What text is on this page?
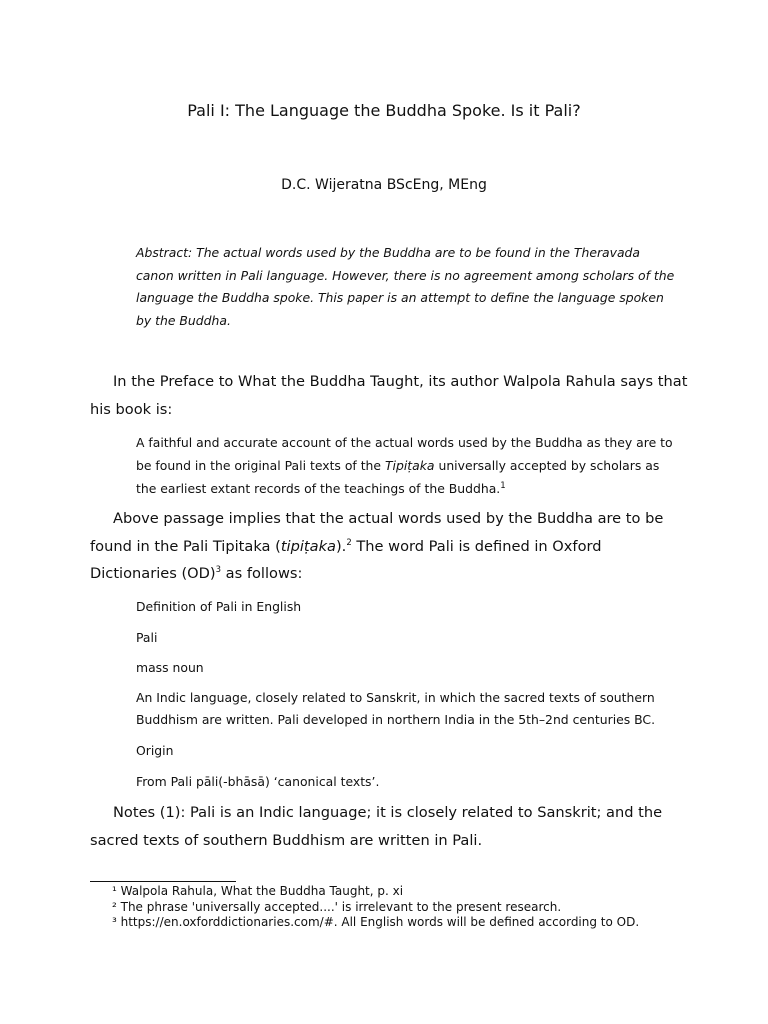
Pali I: The Language the Buddha Spoke. Is it Pali?
D.C. Wijeratna BScEng, MEng
Abstract: The actual words used by the Buddha are to be found in the Theravada canon written in Pali language. However, there is no agreement among scholars of the language the Buddha spoke. This paper is an attempt to define the language spoken by the Buddha.
In the Preface to What the Buddha Taught, its author Walpola Rahula says that his book is:
A faithful and accurate account of the actual words used by the Buddha as they are to be found in the original Pali texts of the Tipiṭaka universally accepted by scholars as the earliest extant records of the teachings of the Buddha.$^1$
Above passage implies that the actual words used by the Buddha are to be found in the Pali Tipitaka (tipiṭaka).$^2$ The word Pali is defined in Oxford Dictionaries (OD)$^3$ as follows:
Definition of Pali in English
Pali
mass noun
An Indic language, closely related to Sanskrit, in which the sacred texts of southern Buddhism are written. Pali developed in northern India in the 5th–2nd centuries BC.
Origin
From Pali pāli(-bhāsā) ‘canonical texts’.
Notes (1): Pali is an Indic language; it is closely related to Sanskrit; and the sacred texts of southern Buddhism are written in Pali.
¹ Walpola Rahula, What the Buddha Taught, p. xi
² The phrase 'universally accepted....' is irrelevant to the present research.
³ https://en.oxforddictionaries.com/#. All English words will be defined according to OD.
